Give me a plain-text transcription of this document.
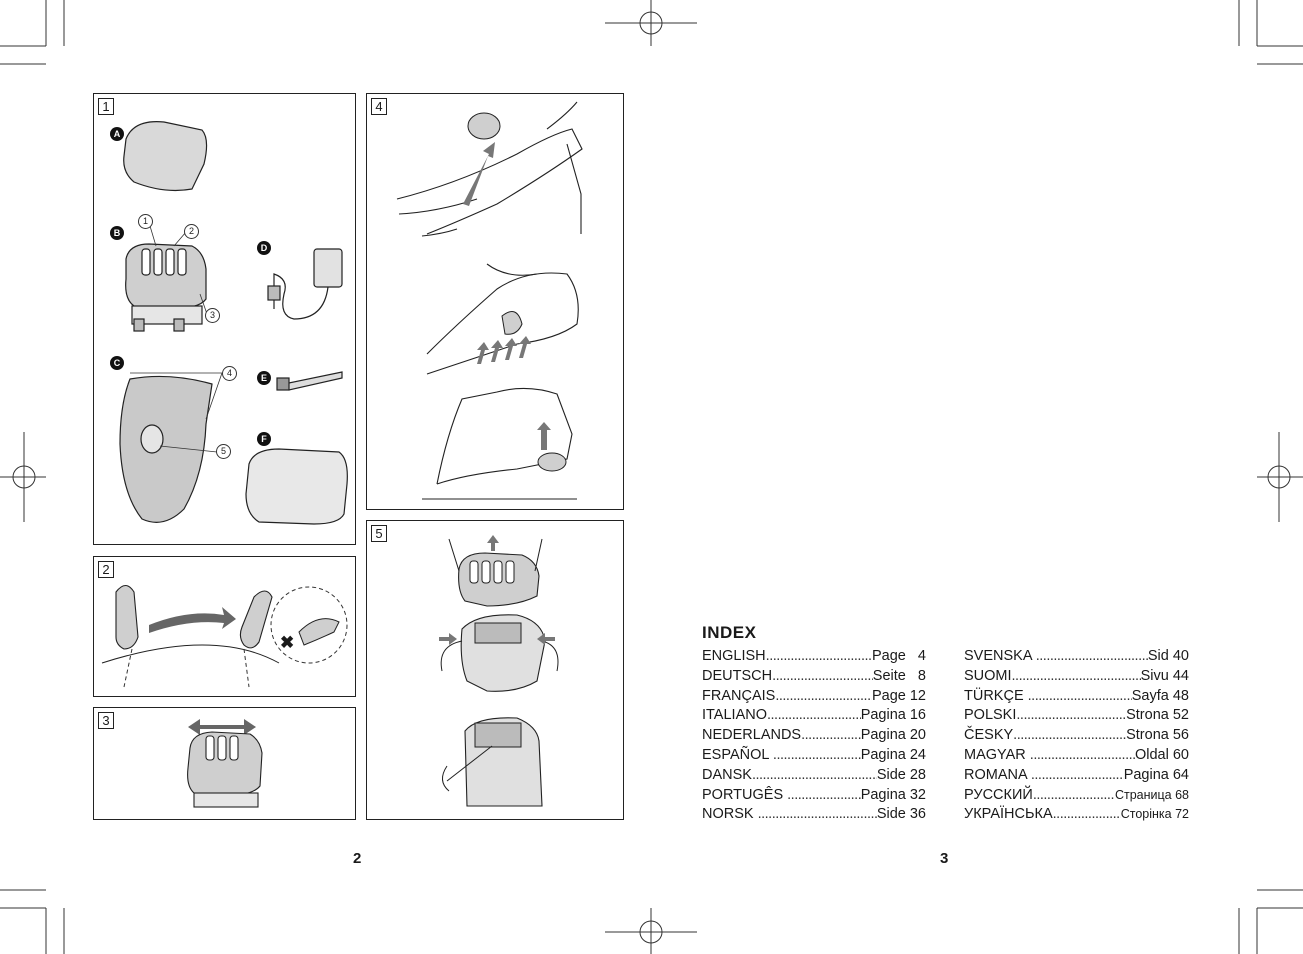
1
A
B
C
D
E
F
1
2
3
4
5
2
✖
3
4
5
2	3
INDEX
ENGLISH .....	Page   4
DEUTSCH .....	Seite   8
FRANÇAIS .....	Page 12
ITALIANO .....	Pagina 16
NEDERLANDS .....	Pagina 20
ESPAÑOL .....	Pagina 24
DANSK .....	Side 28
PORTUGÊS .....	Pagina 32
NORSK .....	Side 36
SVENSKA .....	Sid 40
SUOMI .....	Sivu 44
TÜRKÇE .....	Sayfa 48
POLSKI .....	Strona 52
ČESKY .....	Strona 56
MAGYAR .....	Oldal 60
ROMANA .....	Pagina 64
РУССКИЙ .....	Страница 68
УКРАЇНСЬКА .....	Сторінка 72
